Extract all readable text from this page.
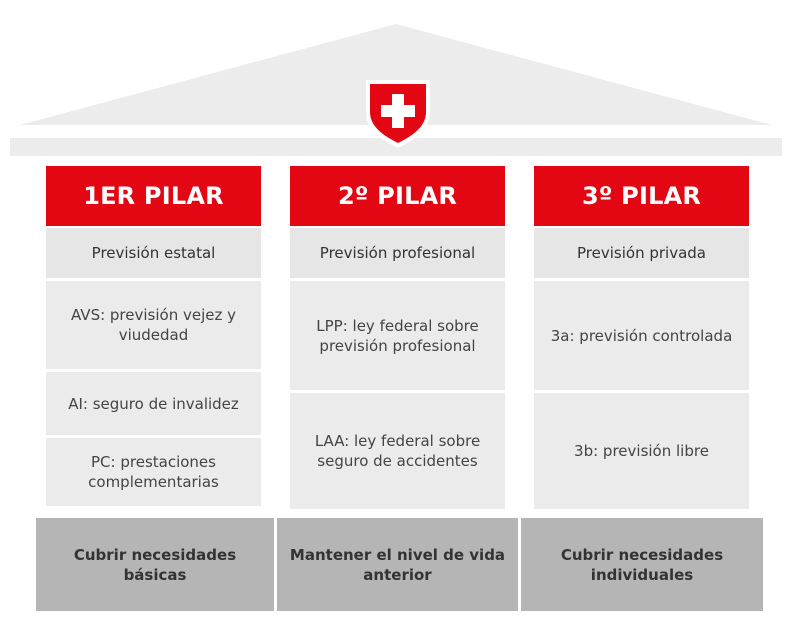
1ER PILAR
Previsión estatal
AVS: previsión vejez y viudedad
AI: seguro de invalidez
PC: prestaciones complementarias
2º PILAR
Previsión profesional
LPP: ley federal sobre previsión profesional
LAA: ley federal sobre seguro de accidentes
3º PILAR
Previsión privada
3a: previsión controlada
3b: previsión libre
Cubrir necesidades básicas
Mantener el nivel de vida anterior
Cubrir necesidades individuales
